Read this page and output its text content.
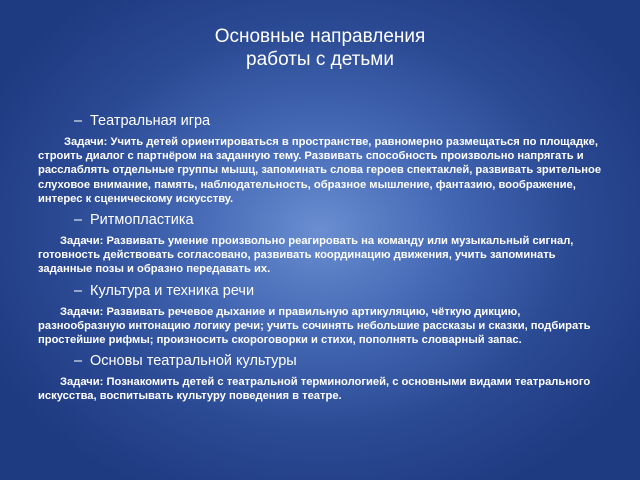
Основные направления
работы с детьми
– Театральная игра
Задачи: Учить детей ориентироваться в пространстве, равномерно размещаться по площадке, строить диалог с партнёром на заданную тему. Развивать способность произвольно напрягать и расслаблять отдельные группы мышц, запоминать слова героев спектаклей, развивать зрительное слуховое внимание, память, наблюдательность, образное мышление, фантазию, воображение, интерес к сценическому искусству.
– Ритмопластика
Задачи: Развивать умение произвольно реагировать на команду или музыкальный сигнал, готовность действовать согласовано, развивать координацию движения, учить запоминать заданные позы и образно передавать их.
– Культура и техника речи
Задачи: Развивать речевое дыхание и правильную артикуляцию, чёткую дикцию, разнообразную интонацию логику речи; учить сочинять небольшие рассказы и сказки, подбирать простейшие рифмы; произносить скороговорки и стихи, пополнять словарный запас.
– Основы театральной культуры
Задачи: Познакомить детей с театральной терминологией, с основными видами театрального искусства, воспитывать культуру поведения в театре.
